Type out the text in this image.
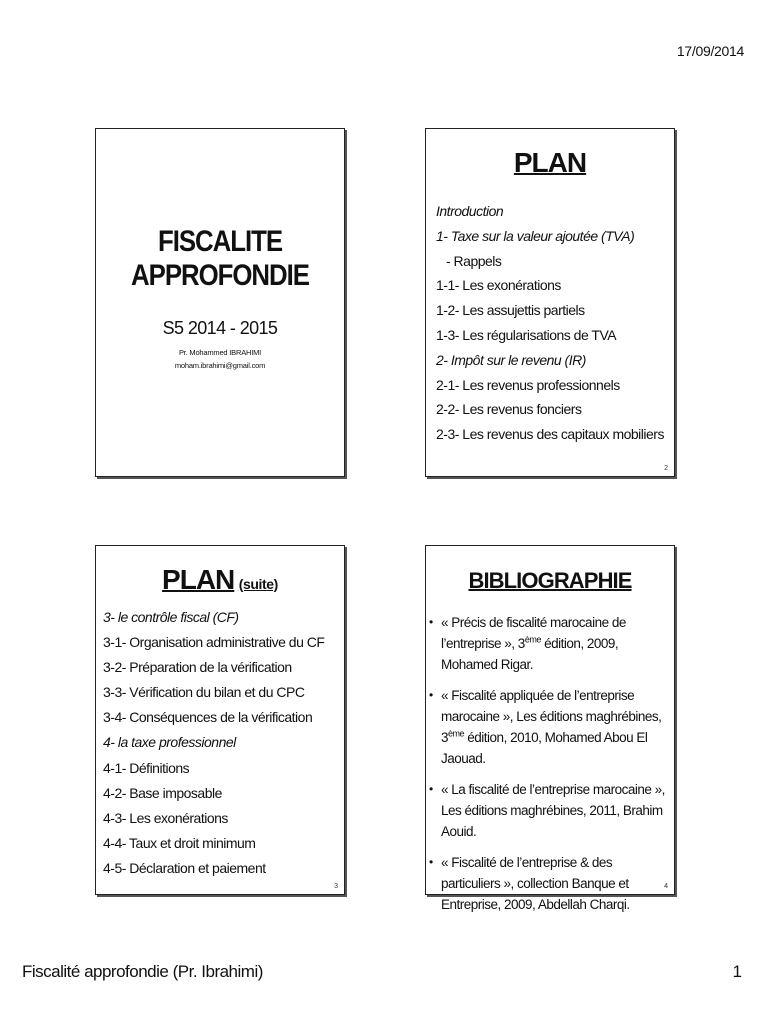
17/09/2014
FISCALITE
APPROFONDIE
S5 2014 - 2015
Pr. Mohammed IBRAHIMI
moham.ibrahimi@gmail.com
PLAN
Introduction
1- Taxe sur la valeur ajoutée (TVA)
- Rappels
1-1- Les exonérations
1-2- Les assujettis partiels
1-3- Les régularisations de TVA
2- Impôt sur le revenu (IR)
2-1- Les revenus professionnels
2-2- Les revenus fonciers
2-3- Les revenus des capitaux mobiliers
2
PLAN (suite)
3- le contrôle fiscal (CF)
3-1- Organisation administrative du CF
3-2- Préparation de la vérification
3-3- Vérification du bilan et du CPC
3-4- Conséquences de la vérification
4- la taxe professionnel
4-1- Définitions
4-2- Base imposable
4-3- Les exonérations
4-4- Taux et droit minimum
4-5- Déclaration et paiement
3
BIBLIOGRAPHIE
• « Précis de fiscalité marocaine de l’entreprise », 3ème édition, 2009, Mohamed Rigar.
• « Fiscalité appliquée de l’entreprise marocaine », Les éditions maghrébines, 3ème édition, 2010, Mohamed Abou El Jaouad.
• « La fiscalité de l’entreprise marocaine », Les éditions maghrébines, 2011, Brahim Aouid.
• « Fiscalité de l’entreprise & des particuliers », collection Banque et Entreprise, 2009, Abdellah Charqi.
4
Fiscalité approfondie (Pr. Ibrahimi)	1
